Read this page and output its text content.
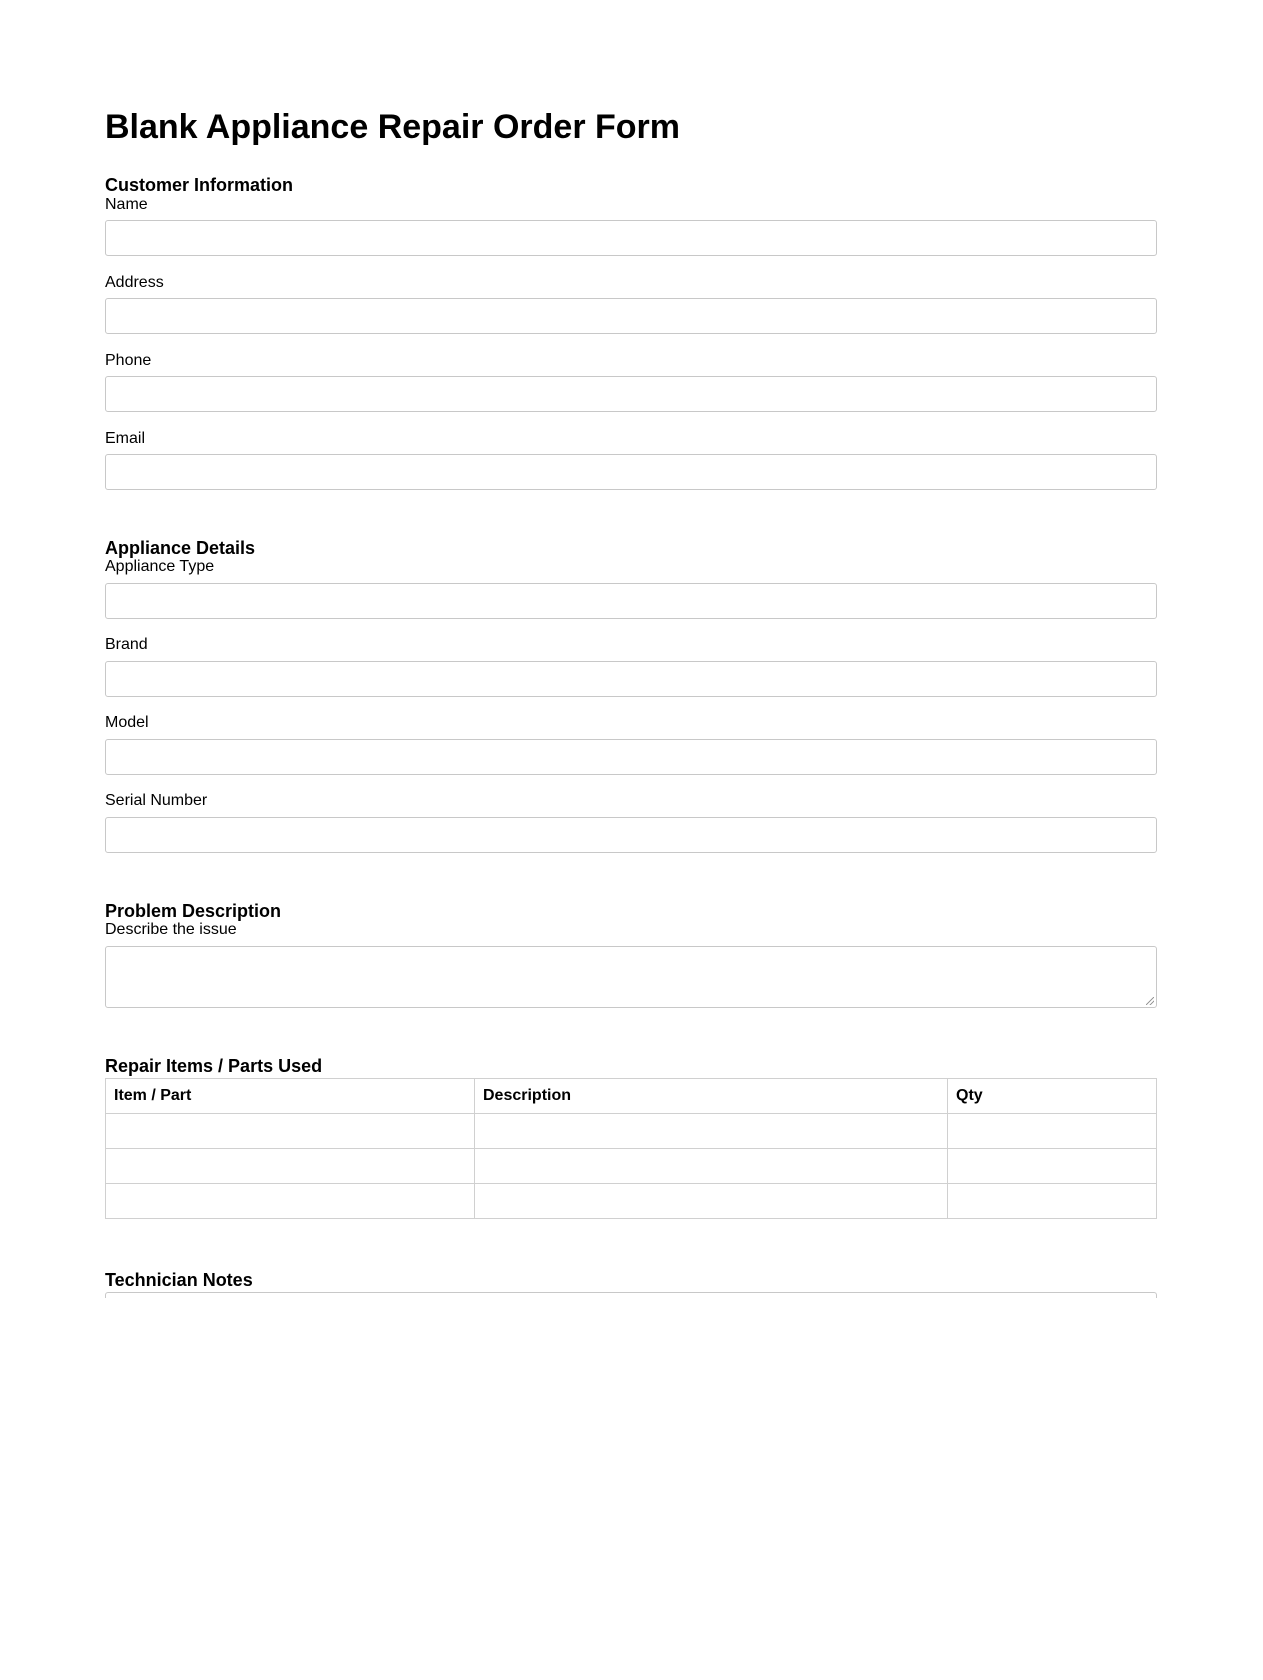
Blank Appliance Repair Order Form
Customer Information
Name
Address
Phone
Email
Appliance Details
Appliance Type
Brand
Model
Serial Number
Problem Description
Describe the issue
Repair Items / Parts Used
Item / Part	Description	Qty

Technician Notes
